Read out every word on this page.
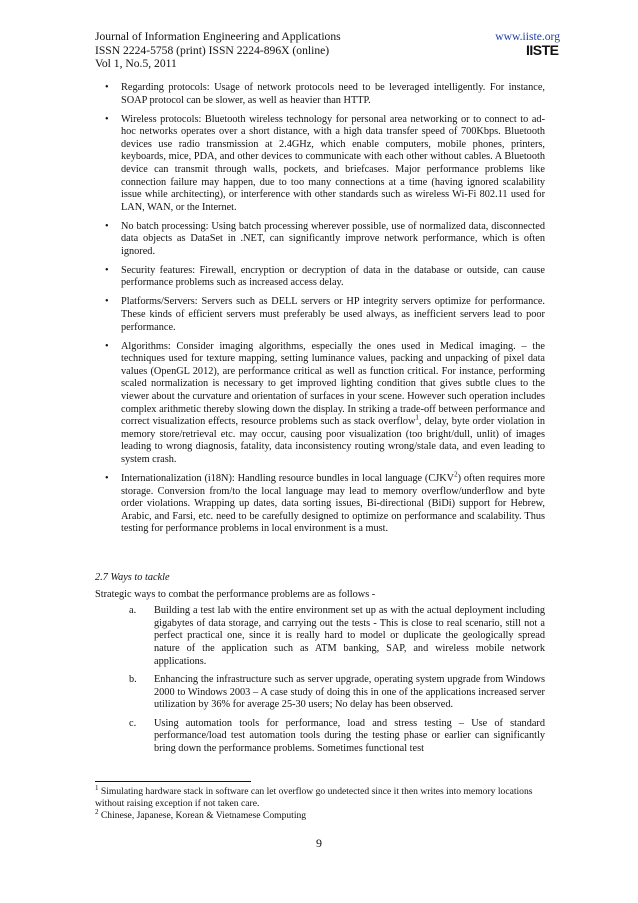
Journal of Information Engineering and Applications
ISSN 2224-5758 (print) ISSN 2224-896X (online)
Vol 1, No.5, 2011
www.iiste.org
IISTE
• Regarding protocols: Usage of network protocols need to be leveraged intelligently. For instance, SOAP protocol can be slower, as well as heavier than HTTP.
• Wireless protocols: Bluetooth wireless technology for personal area networking or to connect to ad-hoc networks operates over a short distance, with a high data transfer speed of 700Kbps. Bluetooth devices use radio transmission at 2.4GHz, which enable computers, mobile phones, printers, keyboards, mice, PDA, and other devices to communicate with each other without cables. A Bluetooth device can transmit through walls, pockets, and briefcases. Major performance problems like connection failure may happen, due to too many connections at a time (having ignored scalability issue while architecting), or interference with other standards such as wireless Wi-Fi 802.11 used for LAN, WAN, or the Internet.
• No batch processing: Using batch processing wherever possible, use of normalized data, disconnected data objects as DataSet in .NET, can significantly improve network performance, which is often ignored.
• Security features: Firewall, encryption or decryption of data in the database or outside, can cause performance problems such as increased access delay.
• Platforms/Servers: Servers such as DELL servers or HP integrity servers optimize for performance. These kinds of efficient servers must preferably be used always, as inefficient servers lead to poor performance.
• Algorithms: Consider imaging algorithms, especially the ones used in Medical imaging. – the techniques used for texture mapping, setting luminance values, packing and unpacking of pixel data values (OpenGL 2012), are performance critical as well as function critical. For instance, performing scaled normalization is necessary to get improved lighting condition that gives subtle clues to the viewer about the curvature and orientation of surfaces in your scene. However such operation includes complex arithmetic thereby slowing down the display. In striking a trade-off between performance and correct visualization effects, resource problems such as stack overflow$^1$, delay, byte order violation in memory store/retrieval etc. may occur, causing poor visualization (too bright/dull, unlit) of images leading to wrong diagnosis, fatality, data inconsistency routing wrong/stale data, and even leading to system crash.
• Internationalization (i18N): Handling resource bundles in local language (CJKV$^2$) often requires more storage. Conversion from/to the local language may lead to memory overflow/underflow and byte order violations. Wrapping up dates, data sorting issues, Bi-directional (BiDi) support for Hebrew, Arabic, and Farsi, etc. need to be carefully designed to optimize on performance and scalability. Thus testing for performance problems in local environment is a must.
2.7 Ways to tackle
Strategic ways to combat the performance problems are as follows -
a. Building a test lab with the entire environment set up as with the actual deployment including gigabytes of data storage, and carrying out the tests - This is close to real scenario, still not a perfect practical one, since it is really hard to model or duplicate the geologically spread nature of the application such as ATM banking, SAP, and wireless mobile network applications.
b. Enhancing the infrastructure such as server upgrade, operating system upgrade from Windows 2000 to Windows 2003 – A case study of doing this in one of the applications increased server utilization by 36% for average 25-30 users; No delay has been observed.
c. Using automation tools for performance, load and stress testing – Use of standard performance/load test automation tools during the testing phase or earlier can significantly bring down the performance problems. Sometimes functional test
$^1$ Simulating hardware stack in software can let overflow go undetected since it then writes into memory locations without raising exception if not taken care.
$^2$ Chinese, Japanese, Korean & Vietnamese Computing
9
